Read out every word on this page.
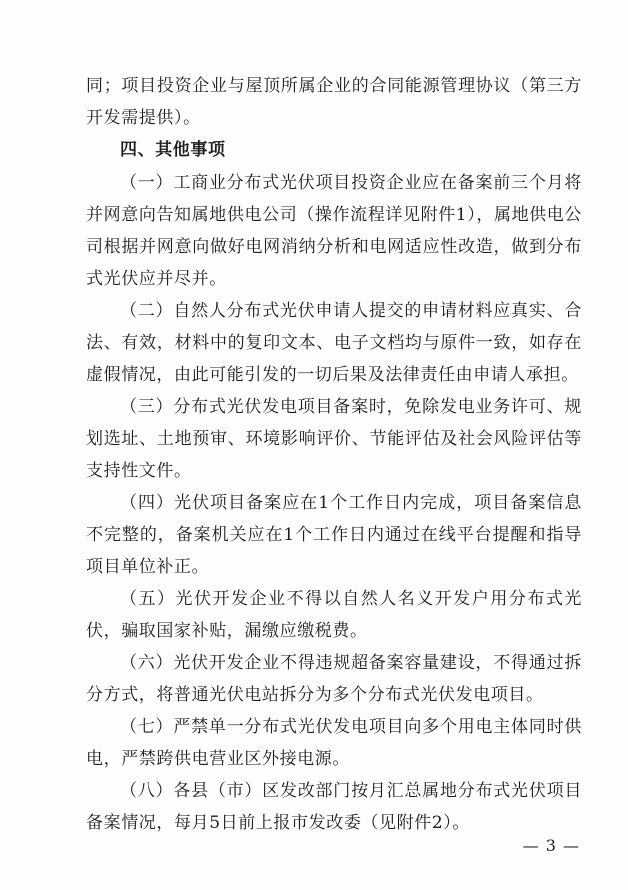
同；项目投资企业与屋顶所属企业的合同能源管理协议（第三方开发需提供）。

四、其他事项

（一）工商业分布式光伏项目投资企业应在备案前三个月将并网意向告知属地供电公司（操作流程详见附件1），属地供电公司根据并网意向做好电网消纳分析和电网适应性改造，做到分布式光伏应并尽并。

（二）自然人分布式光伏申请人提交的申请材料应真实、合法、有效，材料中的复印文本、电子文档均与原件一致，如存在虚假情况，由此可能引发的一切后果及法律责任由申请人承担。

（三）分布式光伏发电项目备案时，免除发电业务许可、规划选址、土地预审、环境影响评价、节能评估及社会风险评估等支持性文件。

（四）光伏项目备案应在1个工作日内完成，项目备案信息不完整的，备案机关应在1个工作日内通过在线平台提醒和指导项目单位补正。

（五）光伏开发企业不得以自然人名义开发户用分布式光伏，骗取国家补贴，漏缴应缴税费。

（六）光伏开发企业不得违规超备案容量建设，不得通过拆分方式，将普通光伏电站拆分为多个分布式光伏发电项目。

（七）严禁单一分布式光伏发电项目向多个用电主体同时供电，严禁跨供电营业区外接电源。

（八）各县（市）区发改部门按月汇总属地分布式光伏项目备案情况，每月5日前上报市发改委（见附件2）。

— 3 —
